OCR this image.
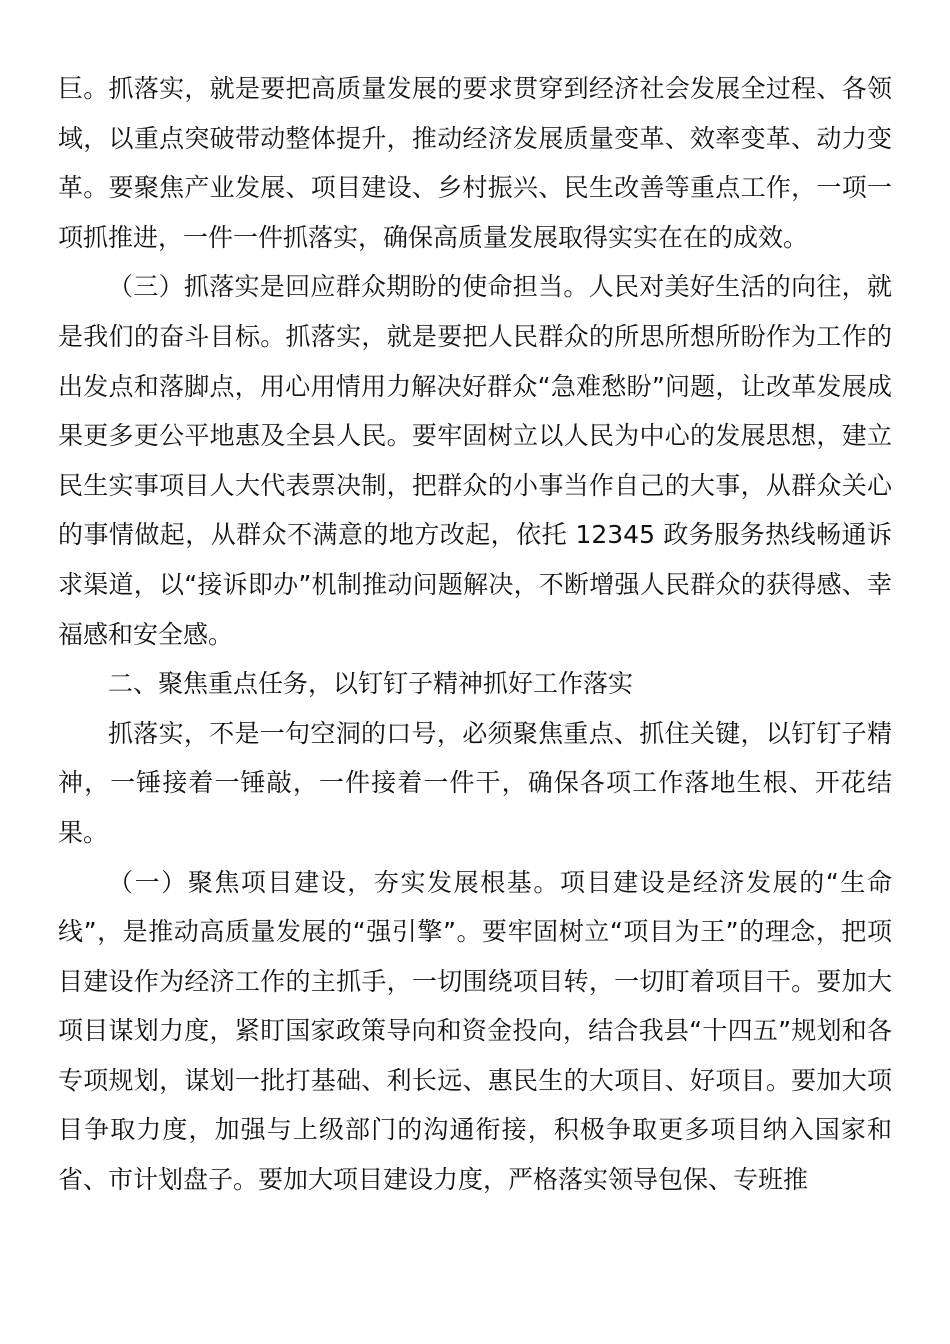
巨。抓落实，就是要把高质量发展的要求贯穿到经济社会发展全过程、各领域，以重点突破带动整体提升，推动经济发展质量变革、效率变革、动力变革。要聚焦产业发展、项目建设、乡村振兴、民生改善等重点工作，一项一项抓推进，一件一件抓落实，确保高质量发展取得实实在在的成效。

（三）抓落实是回应群众期盼的使命担当。人民对美好生活的向往，就是我们的奋斗目标。抓落实，就是要把人民群众的所思所想所盼作为工作的出发点和落脚点，用心用情用力解决好群众“急难愁盼”问题，让改革发展成果更多更公平地惠及全县人民。要牢固树立以人民为中心的发展思想，建立民生实事项目人大代表票决制，把群众的小事当作自己的大事，从群众关心的事情做起，从群众不满意的地方改起，依托 12345 政务服务热线畅通诉求渠道，以“接诉即办”机制推动问题解决，不断增强人民群众的获得感、幸福感和安全感。

二、聚焦重点任务，以钉钉子精神抓好工作落实

抓落实，不是一句空洞的口号，必须聚焦重点、抓住关键，以钉钉子精神，一锤接着一锤敲，一件接着一件干，确保各项工作落地生根、开花结果。

（一）聚焦项目建设，夯实发展根基。项目建设是经济发展的“生命线”，是推动高质量发展的“强引擎”。要牢固树立“项目为王”的理念，把项目建设作为经济工作的主抓手，一切围绕项目转，一切盯着项目干。要加大项目谋划力度，紧盯国家政策导向和资金投向，结合我县“十四五”规划和各专项规划，谋划一批打基础、利长远、惠民生的大项目、好项目。要加大项目争取力度，加强与上级部门的沟通衔接，积极争取更多项目纳入国家和省、市计划盘子。要加大项目建设力度，严格落实领导包保、专班推
